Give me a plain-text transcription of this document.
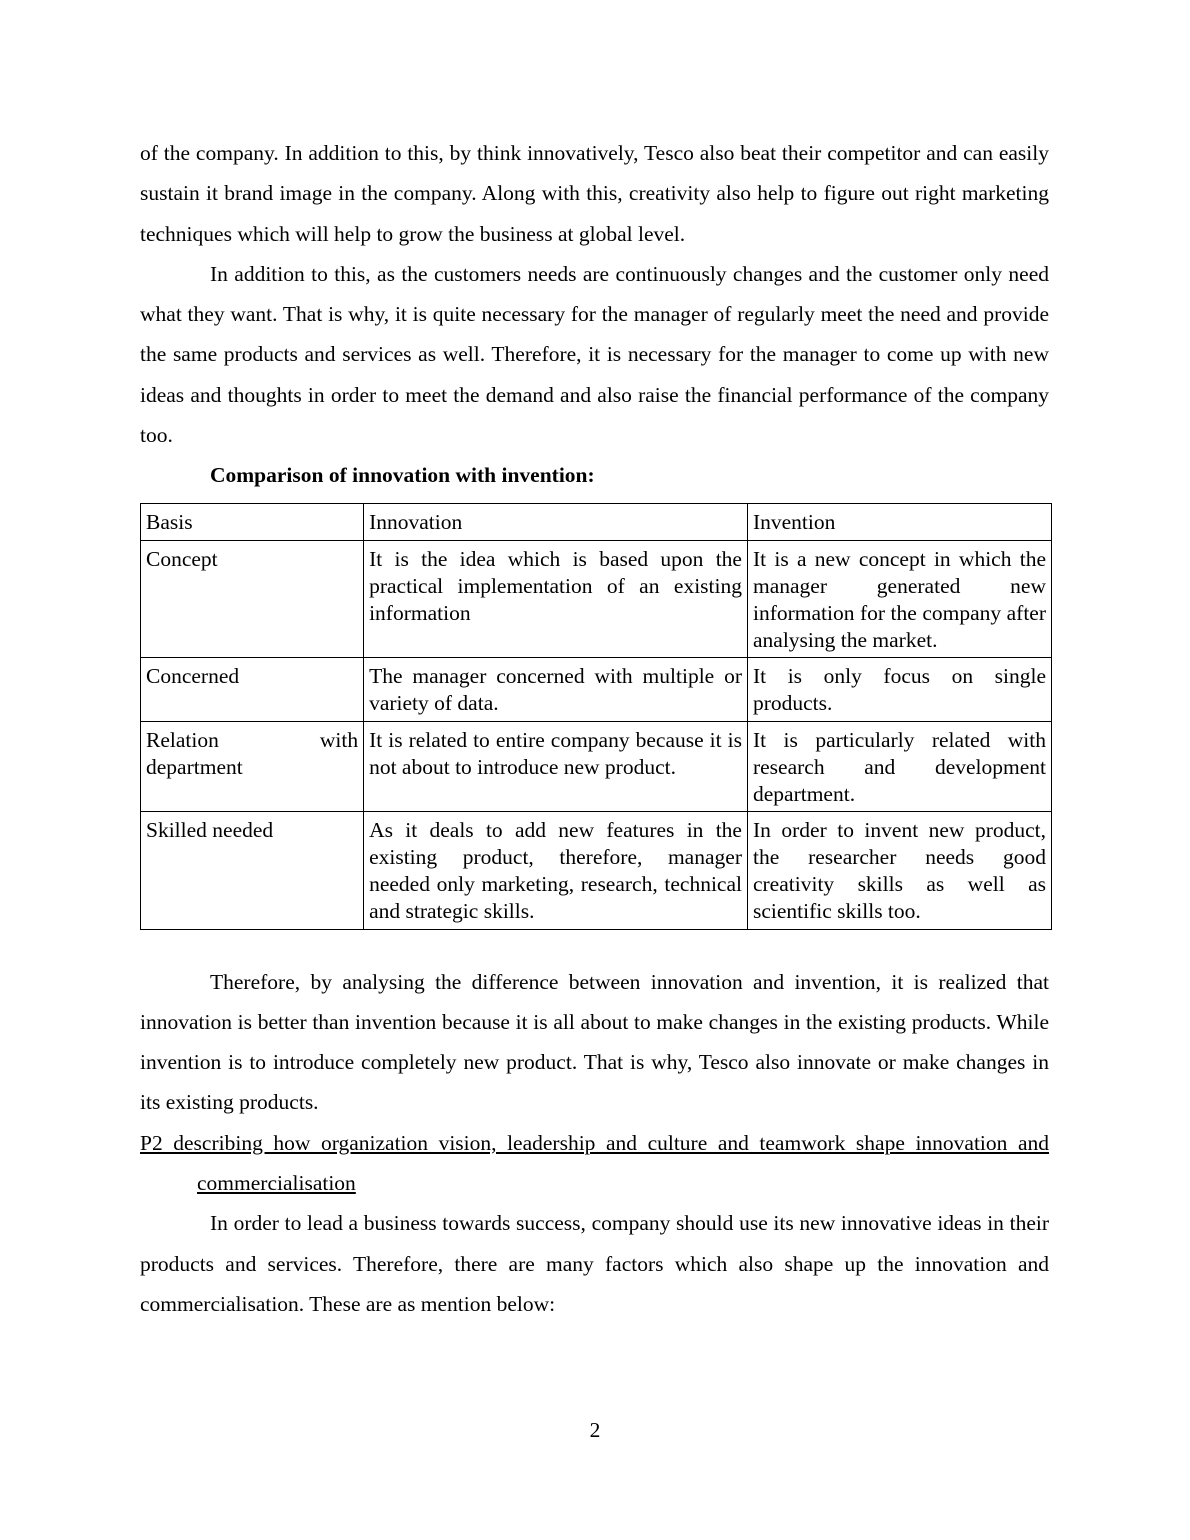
of the company. In addition to this, by think innovatively, Tesco also beat their competitor and can easily sustain it brand image in the company. Along with this, creativity also help to figure out right marketing techniques which will help to grow the business at global level.

In addition to this, as the customers needs are continuously changes and the customer only need what they want. That is why, it is quite necessary for the manager of regularly meet the need and provide the same products and services as well. Therefore, it is necessary for the manager to come up with new ideas and thoughts in order to meet the demand and also raise the financial performance of the company too.

Comparison of innovation with invention:

Basis	Innovation	Invention
Concept	It is the idea which is based upon the practical implementation of an existing information	It is a new concept in which the manager generated new information for the company after analysing the market.
Concerned	The manager concerned with multiple or variety of data.	It is only focus on single products.
Relation with department	It is related to entire company because it is not about to introduce new product.	It is particularly related with research and development department.
Skilled needed	As it deals to add new features in the existing product, therefore, manager needed only marketing, research, technical and strategic skills.	In order to invent new product, the researcher needs good creativity skills as well as scientific skills too.

Therefore, by analysing the difference between innovation and invention, it is realized that innovation is better than invention because it is all about to make changes in the existing products. While invention is to introduce completely new product. That is why, Tesco also innovate or make changes in its existing products.

P2 describing how organization vision, leadership and culture and teamwork shape innovation and commercialisation

In order to lead a business towards success, company should use its new innovative ideas in their products and services. Therefore, there are many factors which also shape up the innovation and commercialisation. These are as mention below:

2
